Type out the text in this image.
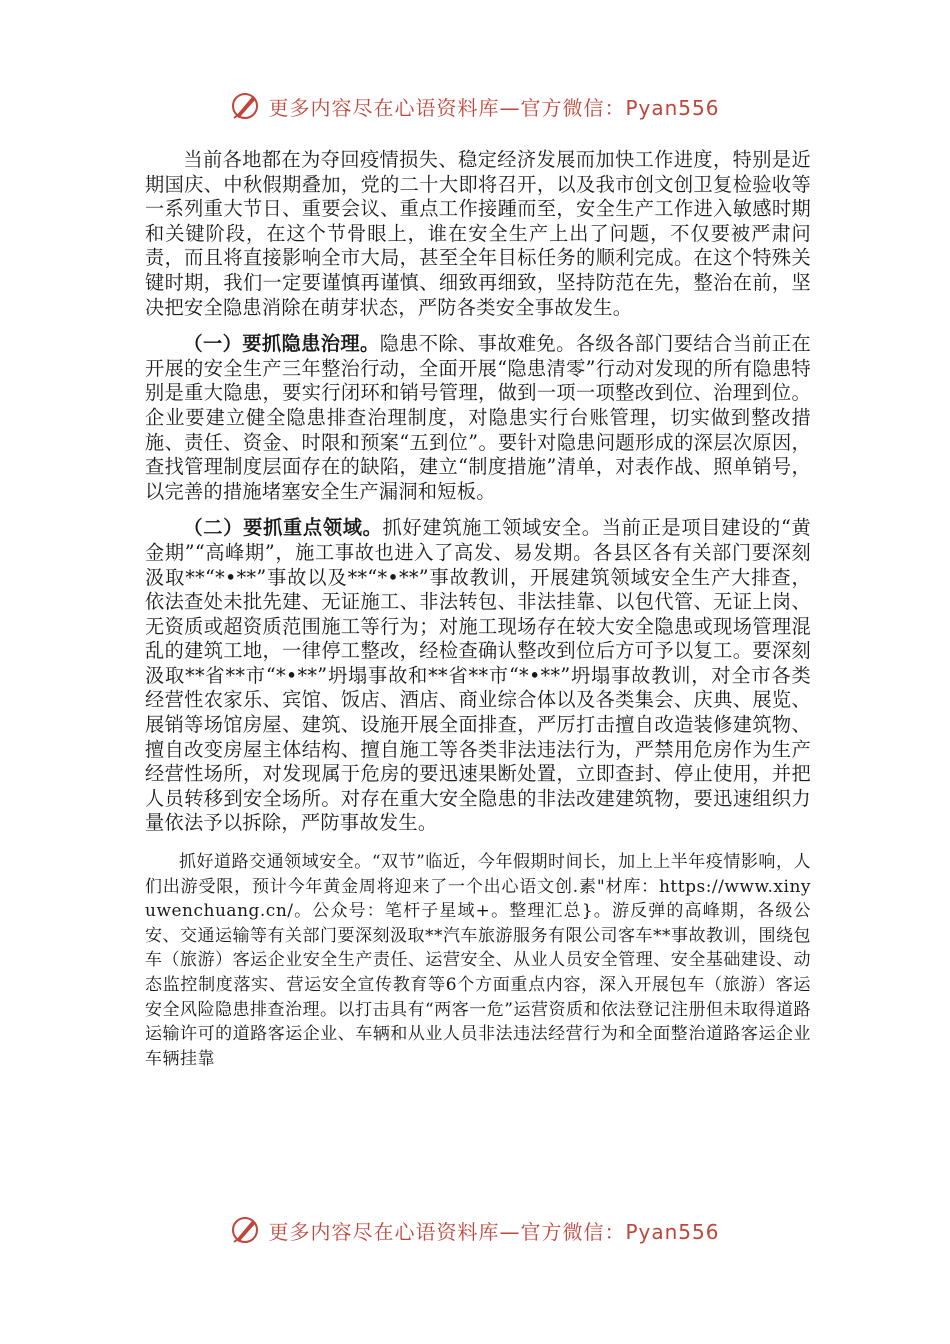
更多内容尽在心语资料库—官方微信：Pyan556

当前各地都在为夺回疫情损失、稳定经济发展而加快工作进度，特别是近期国庆、中秋假期叠加，党的二十大即将召开，以及我市创文创卫复检验收等一系列重大节日、重要会议、重点工作接踵而至，安全生产工作进入敏感时期和关键阶段，在这个节骨眼上，谁在安全生产上出了问题，不仅要被严肃问责，而且将直接影响全市大局，甚至全年目标任务的顺利完成。在这个特殊关键时期，我们一定要谨慎再谨慎、细致再细致，坚持防范在先，整治在前，坚决把安全隐患消除在萌芽状态，严防各类安全事故发生。

（一）要抓隐患治理。隐患不除、事故难免。各级各部门要结合当前正在开展的安全生产三年整治行动，全面开展“隐患清零”行动对发现的所有隐患特别是重大隐患，要实行闭环和销号管理，做到一项一项整改到位、治理到位。企业要建立健全隐患排查治理制度，对隐患实行台账管理，切实做到整改措施、责任、资金、时限和预案“五到位”。要针对隐患问题形成的深层次原因，查找管理制度层面存在的缺陷，建立“制度措施”清单，对表作战、照单销号，以完善的措施堵塞安全生产漏洞和短板。

（二）要抓重点领域。抓好建筑施工领域安全。当前正是项目建设的“黄金期”“高峰期”，施工事故也进入了高发、易发期。各县区各有关部门要深刻汲取**“*•**”事故以及**“*•**”事故教训，开展建筑领域安全生产大排查，依法查处未批先建、无证施工、非法转包、非法挂靠、以包代管、无证上岗、无资质或超资质范围施工等行为；对施工现场存在较大安全隐患或现场管理混乱的建筑工地，一律停工整改，经检查确认整改到位后方可予以复工。要深刻汲取**省**市“*•**”坍塌事故和**省**市“*•**”坍塌事故教训，对全市各类经营性农家乐、宾馆、饭店、酒店、商业综合体以及各类集会、庆典、展览、展销等场馆房屋、建筑、设施开展全面排查，严厉打击擅自改造装修建筑物、擅自改变房屋主体结构、擅自施工等各类非法违法行为，严禁用危房作为生产经营性场所，对发现属于危房的要迅速果断处置，立即查封、停止使用，并把人员转移到安全场所。对存在重大安全隐患的非法改建建筑物，要迅速组织力量依法予以拆除，严防事故发生。

抓好道路交通领域安全。“双节”临近，今年假期时间长，加上上半年疫情影响，人们出游受限，预计今年黄金周将迎来了一个出心语文创.素"材库：https://www.xinyuwenchuang.cn/。公众号：笔杆子星域+。整理汇总}。游反弹的高峰期，各级公安、交通运输等有关部门要深刻汲取**汽车旅游服务有限公司客车**事故教训，围绕包车（旅游）客运企业安全生产责任、运营安全、从业人员安全管理、安全基础建设、动态监控制度落实、营运安全宣传教育等6个方面重点内容，深入开展包车（旅游）客运安全风险隐患排查治理。以打击具有“两客一危”运营资质和依法登记注册但未取得道路运输许可的道路客运企业、车辆和从业人员非法违法经营行为和全面整治道路客运企业车辆挂靠

更多内容尽在心语资料库—官方微信：Pyan556
